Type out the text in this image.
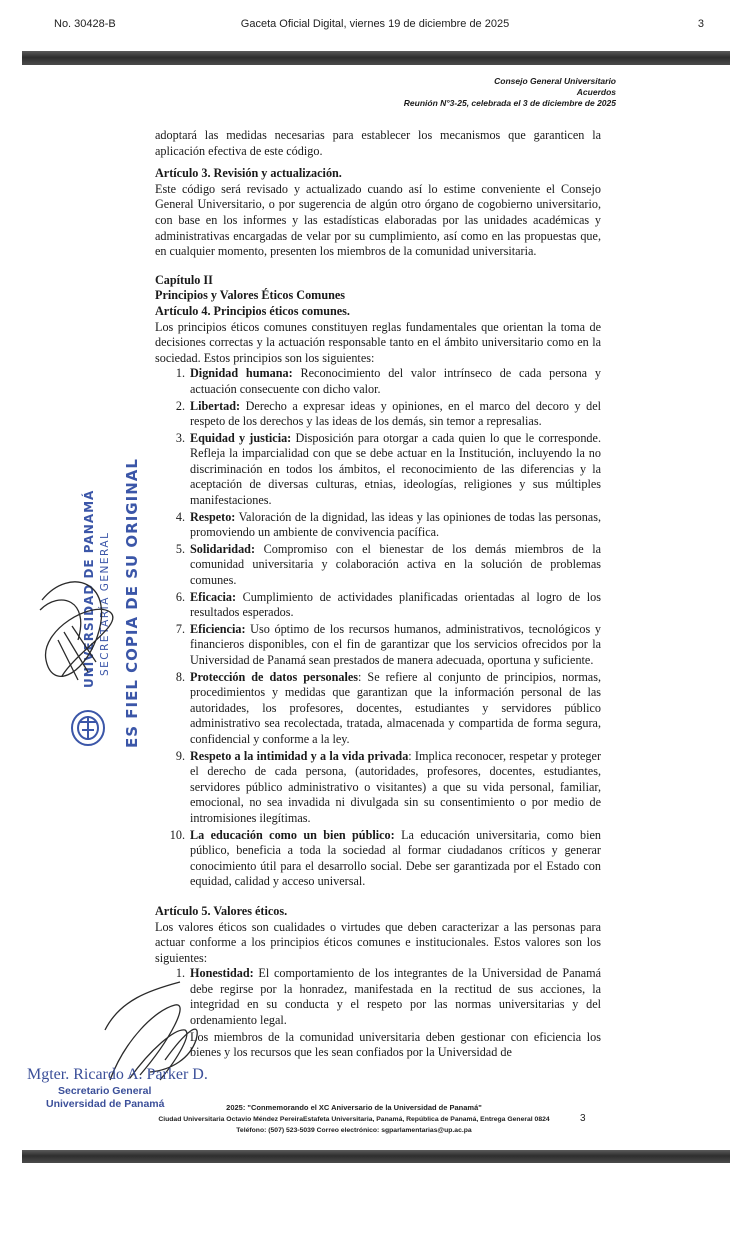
No. 30428-B	Gaceta Oficial Digital, viernes 19 de diciembre de 2025	3
Consejo General Universitario
Acuerdos
Reunión N°3-25, celebrada el 3 de diciembre de 2025

adoptará las medidas necesarias para establecer los mecanismos que garanticen la aplicación efectiva de este código.

Artículo 3. Revisión y actualización.

Este código será revisado y actualizado cuando así lo estime conveniente el Consejo General Universitario, o por sugerencia de algún otro órgano de cogobierno universitario, con base en los informes y las estadísticas elaboradas por las unidades académicas y administrativas encargadas de velar por su cumplimiento, así como en las propuestas que, en cualquier momento, presenten los miembros de la comunidad universitaria.

Capítulo II

Principios y Valores Éticos Comunes

Artículo 4. Principios éticos comunes.

Los principios éticos comunes constituyen reglas fundamentales que orientan la toma de decisiones correctas y la actuación responsable tanto en el ámbito universitario como en la sociedad. Estos principios son los siguientes:

1. Dignidad humana: Reconocimiento del valor intrínseco de cada persona y actuación consecuente con dicho valor.
2. Libertad: Derecho a expresar ideas y opiniones, en el marco del decoro y del respeto de los derechos y las ideas de los demás, sin temor a represalias.
3. Equidad y justicia: Disposición para otorgar a cada quien lo que le corresponde. Refleja la imparcialidad con que se debe actuar en la Institución, incluyendo la no discriminación en todos los ámbitos, el reconocimiento de las diferencias y la aceptación de diversas culturas, etnias, ideologías, religiones y sus múltiples manifestaciones.
4. Respeto: Valoración de la dignidad, las ideas y las opiniones de todas las personas, promoviendo un ambiente de convivencia pacífica.
5. Solidaridad: Compromiso con el bienestar de los demás miembros de la comunidad universitaria y colaboración activa en la solución de problemas comunes.
6. Eficacia: Cumplimiento de actividades planificadas orientadas al logro de los resultados esperados.
7. Eficiencia: Uso óptimo de los recursos humanos, administrativos, tecnológicos y financieros disponibles, con el fin de garantizar que los servicios ofrecidos por la Universidad de Panamá sean prestados de manera adecuada, oportuna y suficiente.
8. Protección de datos personales: Se refiere al conjunto de principios, normas, procedimientos y medidas que garantizan que la información personal de las autoridades, los profesores, docentes, estudiantes y servidores público administrativo sea recolectada, tratada, almacenada y compartida de forma segura, confidencial y conforme a la ley.
9. Respeto a la intimidad y a la vida privada: Implica reconocer, respetar y proteger el derecho de cada persona, (autoridades, profesores, docentes, estudiantes, servidores público administrativo o visitantes) a que su vida personal, familiar, emocional, no sea invadida ni divulgada sin su consentimiento o por medio de intromisiones ilegítimas.
10. La educación como un bien público: La educación universitaria, como bien público, beneficia a toda la sociedad al formar ciudadanos críticos y generar conocimiento útil para el desarrollo social. Debe ser garantizada por el Estado con equidad, calidad y acceso universal.

Artículo 5. Valores éticos.

Los valores éticos son cualidades o virtudes que deben caracterizar a las personas para actuar conforme a los principios éticos comunes e institucionales. Estos valores son los siguientes:

1. Honestidad: El comportamiento de los integrantes de la Universidad de Panamá debe regirse por la honradez, manifestada en la rectitud de sus acciones, la integridad en su conducta y el respeto por las normas universitarias y del ordenamiento legal.

Los miembros de la comunidad universitaria deben gestionar con eficiencia los bienes y los recursos que les sean confiados por la Universidad de

UNIVERSIDAD DE PANAMÁ SECRETARÍA GENERAL ES FIEL COPIA DE SU ORIGINAL
Mgter. Ricardo A. Parker D.
Secretario General
Universidad de Panamá	2025: "Conmemorando el XC Aniversario de la Universidad de Panamá"
Ciudad Universitaria Octavio Méndez PereiraEstafeta Universitaria, Panamá, República de Panamá, Entrega General 0824
Teléfono: (507) 523-5039 Correo electrónico: sgparlamentarias@up.ac.pa
3
